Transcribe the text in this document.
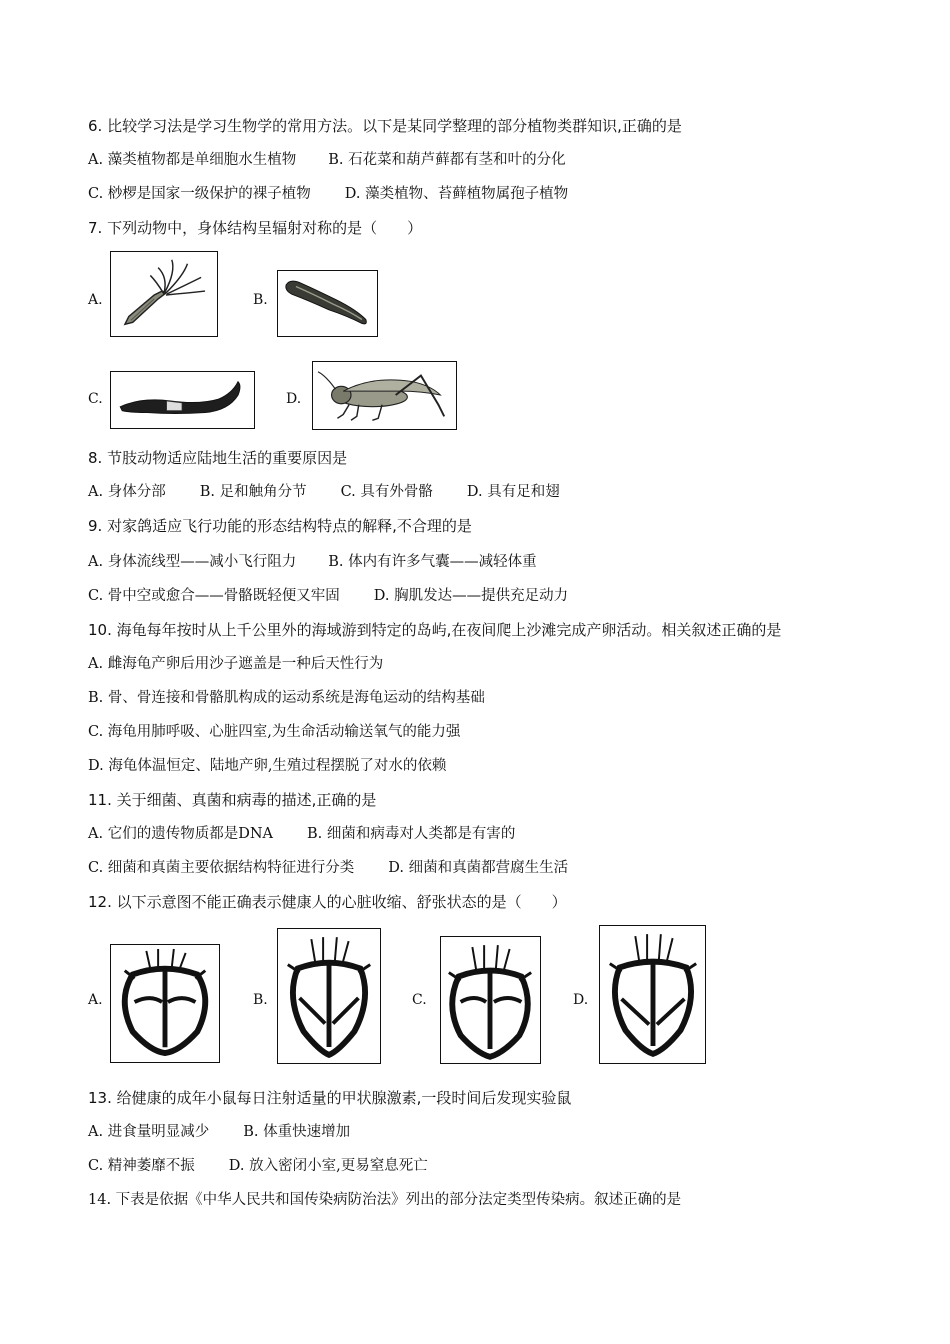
6. 比较学习法是学习生物学的常用方法。以下是某同学整理的部分植物类群知识,正确的是
A. 藻类植物都是单细胞水生植物 B. 石花菜和葫芦藓都有茎和叶的分化
C. 桫椤是国家一级保护的裸子植物 D. 藻类植物、苔藓植物属孢子植物
7. 下列动物中，身体结构呈辐射对称的是（　　）
A.	B.
C.	D.
8. 节肢动物适应陆地生活的重要原因是
A. 身体分部 B. 足和触角分节 C. 具有外骨骼 D. 具有足和翅
9. 对家鸽适应飞行功能的形态结构特点的解释,不合理的是
A. 身体流线型——减小飞行阻力 B. 体内有许多气囊——减轻体重
C. 骨中空或愈合——骨骼既轻便又牢固 D. 胸肌发达——提供充足动力
10. 海龟每年按时从上千公里外的海域游到特定的岛屿,在夜间爬上沙滩完成产卵活动。相关叙述正确的是
A. 雌海龟产卵后用沙子遮盖是一种后天性行为
B. 骨、骨连接和骨骼肌构成的运动系统是海龟运动的结构基础
C. 海龟用肺呼吸、心脏四室,为生命活动输送氧气的能力强
D. 海龟体温恒定、陆地产卵,生殖过程摆脱了对水的依赖
11. 关于细菌、真菌和病毒的描述,正确的是
A. 它们的遗传物质都是DNA B. 细菌和病毒对人类都是有害的
C. 细菌和真菌主要依据结构特征进行分类 D. 细菌和真菌都营腐生生活
12. 以下示意图不能正确表示健康人的心脏收缩、舒张状态的是（　　）
A.	B.	C.	D.
13. 给健康的成年小鼠每日注射适量的甲状腺激素,一段时间后发现实验鼠
A. 进食量明显减少 B. 体重快速增加
C. 精神萎靡不振 D. 放入密闭小室,更易窒息死亡
14. 下表是依据《中华人民共和国传染病防治法》列出的部分法定类型传染病。叙述正确的是
